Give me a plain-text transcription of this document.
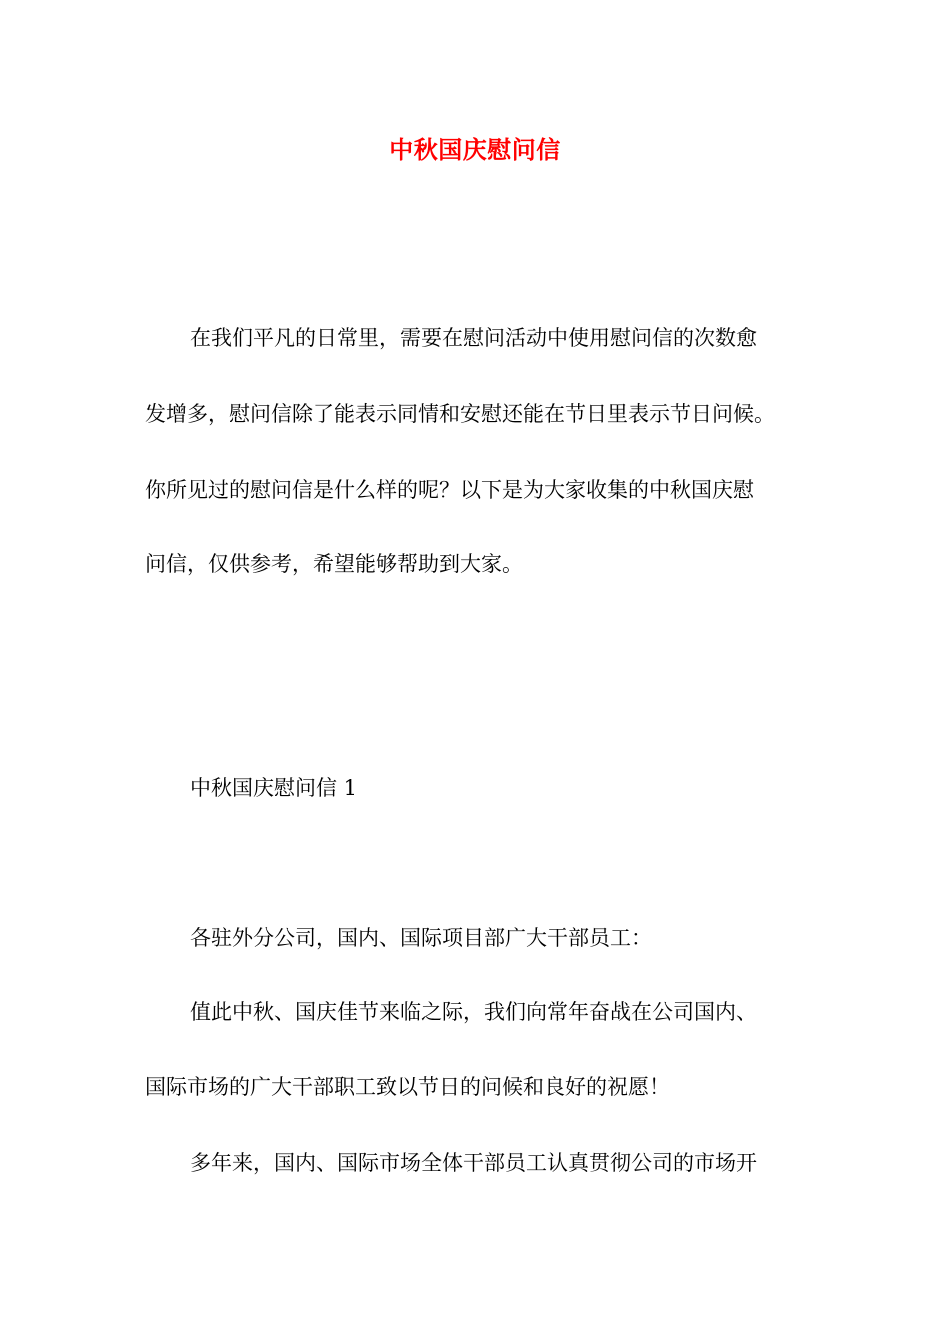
中秋国庆慰问信
在我们平凡的日常里，需要在慰问活动中使用慰问信的次数愈
发增多，慰问信除了能表示同情和安慰还能在节日里表示节日问候。
你所见过的慰问信是什么样的呢？以下是为大家收集的中秋国庆慰
问信，仅供参考，希望能够帮助到大家。
中秋国庆慰问信 1
各驻外分公司，国内、国际项目部广大干部员工：
值此中秋、国庆佳节来临之际，我们向常年奋战在公司国内、
国际市场的广大干部职工致以节日的问候和良好的祝愿！
多年来，国内、国际市场全体干部员工认真贯彻公司的市场开
